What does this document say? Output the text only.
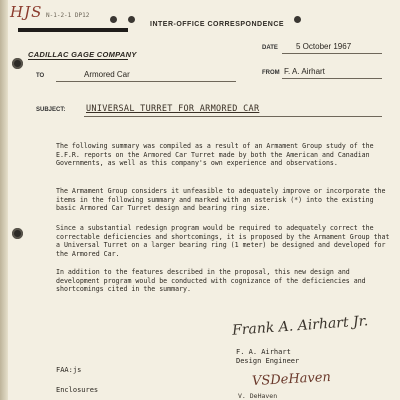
HJS N-1-2-1 DP12
INTER-OFFICE CORRESPONDENCE
CADILLAC GAGE COMPANY
DATE 5 October 1967
TO	Armored Car	FROM F. A. Airhart
SUBJECT: UNIVERSAL TURRET FOR ARMORED CAR

The following summary was compiled as a result of an Armament Group study of the E.F.R. reports on the Armored Car Turret made by both the American and Canadian Governments, as well as this company's own experience and observations.

The Armament Group considers it unfeasible to adequately improve or incorporate the items in the following summary and marked with an asterisk (*) into the existing basic Armored Car Turret design and bearing ring size.

Since a substantial redesign program would be required to adequately correct the correctable deficiencies and shortcomings, it is proposed by the Armament Group that a Universal Turret on a larger bearing ring (1 meter) be designed and developed for the Armored Car.

In addition to the features described in the proposal, this new design and development program would be conducted with cognizance of the deficiencies and shortcomings cited in the summary.

Frank A. Airhart Jr.
F. A. Airhart
Design Engineer
FAA:js
Enclosures
VSDeHaven
V. DeHaven
